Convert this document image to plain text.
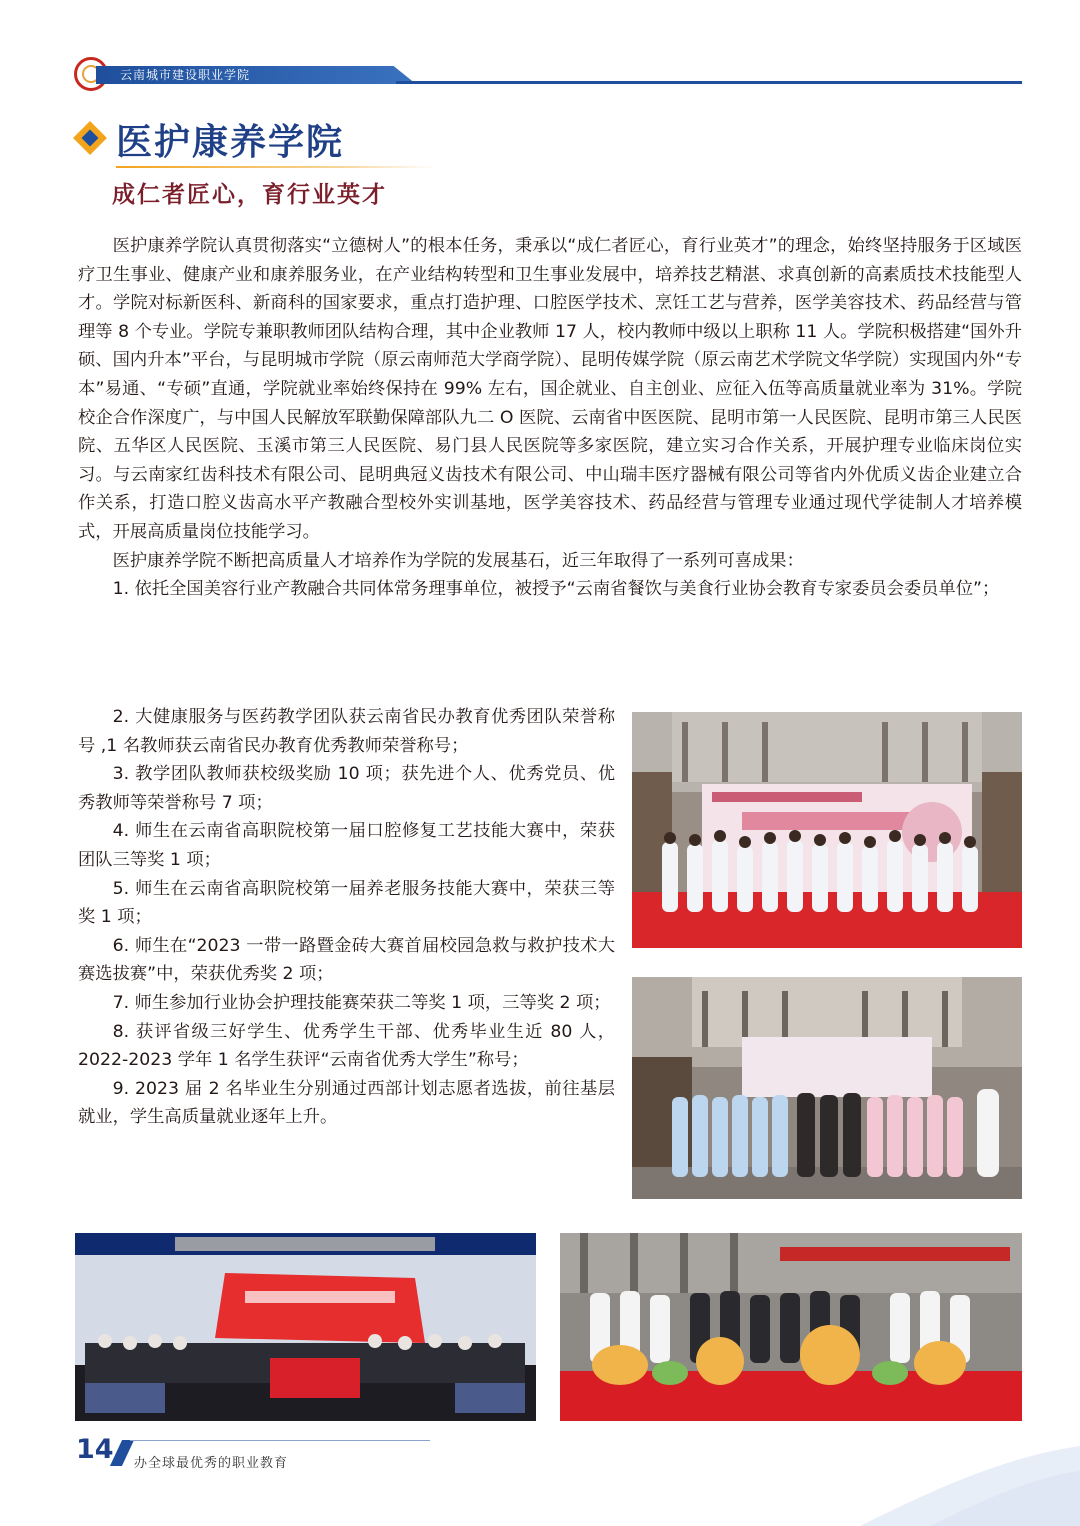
云南城市建设职业学院
医护康养学院
成仁者匠心，育行业英才

医护康养学院认真贯彻落实“立德树人”的根本任务，秉承以“成仁者匠心，育行业英才”的理念，始终坚持服务于区域医疗卫生事业、健康产业和康养服务业，在产业结构转型和卫生事业发展中，培养技艺精湛、求真创新的高素质技术技能型人才。学院对标新医科、新商科的国家要求，重点打造护理、口腔医学技术、烹饪工艺与营养，医学美容技术、药品经营与管理等 8 个专业。学院专兼职教师团队结构合理，其中企业教师 17 人，校内教师中级以上职称 11 人。学院积极搭建“国外升硕、国内升本”平台，与昆明城市学院（原云南师范大学商学院）、昆明传媒学院（原云南艺术学院文华学院）实现国内外“专本”易通、“专硕”直通，学院就业率始终保持在 99% 左右，国企就业、自主创业、应征入伍等高质量就业率为 31%。学院校企合作深度广，与中国人民解放军联勤保障部队九二 O 医院、云南省中医医院、昆明市第一人民医院、昆明市第三人民医院、五华区人民医院、玉溪市第三人民医院、易门县人民医院等多家医院，建立实习合作关系，开展护理专业临床岗位实习。与云南家红齿科技术有限公司、昆明典冠义齿技术有限公司、中山瑞丰医疗器械有限公司等省内外优质义齿企业建立合作关系，打造口腔义齿高水平产教融合型校外实训基地，医学美容技术、药品经营与管理专业通过现代学徒制人才培养模式，开展高质量岗位技能学习。

医护康养学院不断把高质量人才培养作为学院的发展基石，近三年取得了一系列可喜成果：

1. 依托全国美容行业产教融合共同体常务理事单位，被授予“云南省餐饮与美食行业协会教育专家委员会委员单位”；

2. 大健康服务与医药教学团队获云南省民办教育优秀团队荣誉称号 ,1 名教师获云南省民办教育优秀教师荣誉称号；

3. 教学团队教师获校级奖励 10 项；获先进个人、优秀党员、优秀教师等荣誉称号 7 项；

4. 师生在云南省高职院校第一届口腔修复工艺技能大赛中，荣获团队三等奖 1 项；

5. 师生在云南省高职院校第一届养老服务技能大赛中，荣获三等奖 1 项；

6. 师生在“2023 一带一路暨金砖大赛首届校园急救与救护技术大赛选拔赛”中，荣获优秀奖 2 项；

7. 师生参加行业协会护理技能赛荣获二等奖 1 项，三等奖 2 项；

8. 获评省级三好学生、优秀学生干部、优秀毕业生近 80 人，2022-2023 学年 1 名学生获评“云南省优秀大学生”称号；

9. 2023 届 2 名毕业生分别通过西部计划志愿者选拔，前往基层就业，学生高质量就业逐年上升。

14 办全球最优秀的职业教育
